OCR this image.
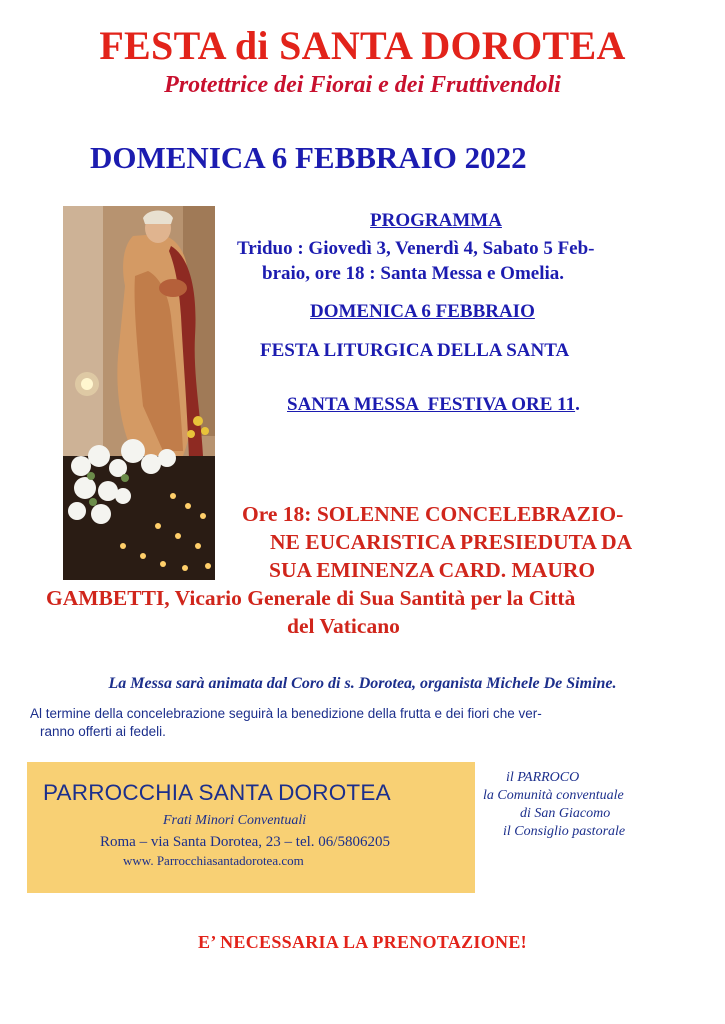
FESTA di SANTA DOROTEA
Protettrice dei Fiorai e dei Fruttivendoli
DOMENICA 6 FEBBRAIO 2022
PROGRAMMA
Triduo : Giovedì 3, Venerdì 4, Sabato 5 Feb-
braio, ore 18 : Santa Messa e Omelia.
DOMENICA 6 FEBBRAIO
FESTA LITURGICA DELLA SANTA
SANTA MESSA  FESTIVA ORE 11.
Ore 18: SOLENNE CONCELEBRAZIO-
NE EUCARISTICA PRESIEDUTA DA
SUA EMINENZA CARD. MAURO
GAMBETTI, Vicario Generale di Sua Santità per la Città
del Vaticano
La Messa sarà animata dal Coro di s. Dorotea, organista Michele De Simine.
Al termine della concelebrazione seguirà la benedizione della frutta e dei fiori che ver-
ranno offerti ai fedeli.
PARROCCHIA SANTA DOROTEA
Frati Minori Conventuali
Roma – via Santa Dorotea, 23 – tel. 06/5806205
www. Parrocchiasantadorotea.com
il PARROCO
la Comunità conventuale
di San Giacomo
il Consiglio pastorale
E’ NECESSARIA LA PRENOTAZIONE!
